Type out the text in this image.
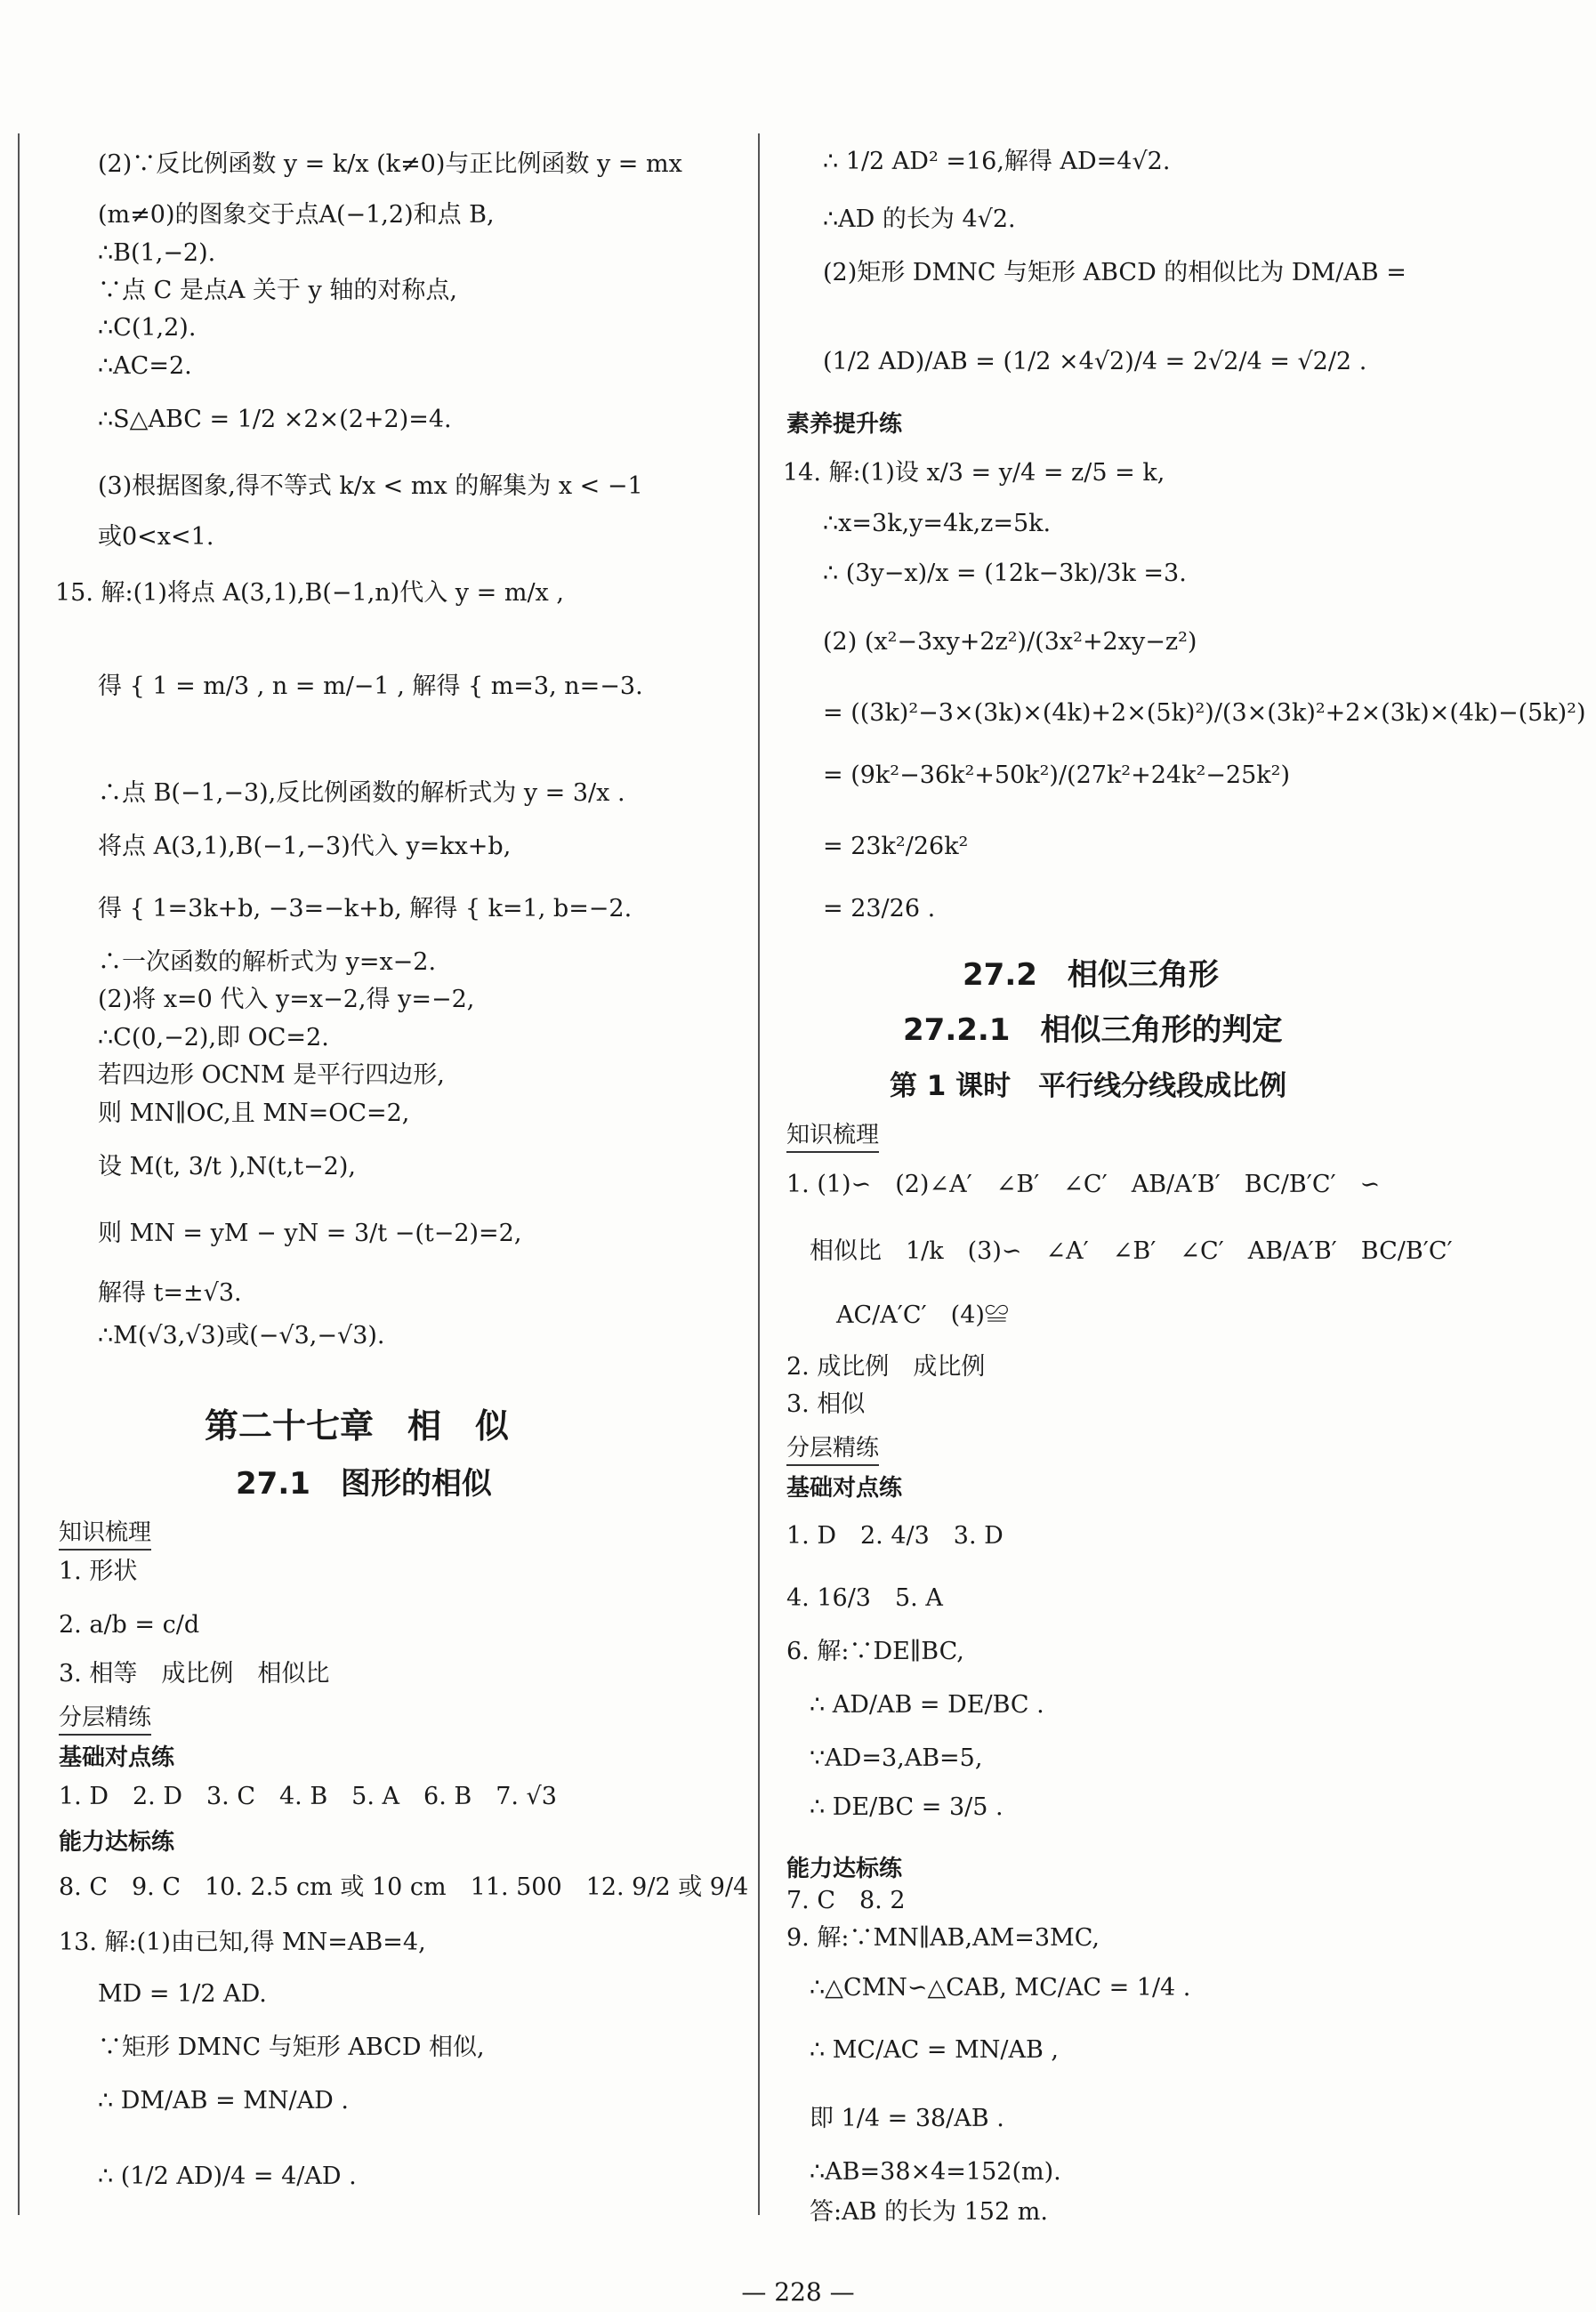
(2)∵反比例函数 y = k/x (k≠0)与正比例函数 y = mx
(m≠0)的图象交于点A(−1,2)和点 B,
∴B(1,−2).
∵点 C 是点A 关于 y 轴的对称点,
∴C(1,2).
∴AC=2.
∴S△ABC = 1/2 ×2×(2+2)=4.
(3)根据图象,得不等式 k/x < mx 的解集为 x < −1
或0<x<1.
15. 解:(1)将点 A(3,1),B(−1,n)代入 y = m/x ,
得 { 1 = m/3 , n = m/−1 , 解得 { m=3, n=−3.
∴点 B(−1,−3),反比例函数的解析式为 y = 3/x .
将点 A(3,1),B(−1,−3)代入 y=kx+b,
得 { 1=3k+b, −3=−k+b, 解得 { k=1, b=−2.
∴一次函数的解析式为 y=x−2.
(2)将 x=0 代入 y=x−2,得 y=−2,
∴C(0,−2),即 OC=2.
若四边形 OCNM 是平行四边形,
则 MN∥OC,且 MN=OC=2,
设 M(t, 3/t ),N(t,t−2),
则 MN = yM − yN = 3/t −(t−2)=2,
解得 t=±√3.
∴M(√3,√3)或(−√3,−√3).
第二十七章　相　似
27.1　图形的相似
知识梳理
1. 形状
2. a/b = c/d
3. 相等　成比例　相似比
分层精练
基础对点练
1. D　2. D　3. C　4. B　5. A　6. B　7. √3
能力达标练
8. C　9. C　10. 2.5 cm 或 10 cm　11. 500　12. 9/2 或 9/4
13. 解:(1)由已知,得 MN=AB=4,
MD = 1/2 AD.
∵矩形 DMNC 与矩形 ABCD 相似,
∴ DM/AB = MN/AD .
∴ (1/2 AD)/4 = 4/AD .
∴ 1/2 AD² =16,解得 AD=4√2.
∴AD 的长为 4√2.
(2)矩形 DMNC 与矩形 ABCD 的相似比为 DM/AB =
(1/2 AD)/AB = (1/2 ×4√2)/4 = 2√2/4 = √2/2 .
素养提升练
14. 解:(1)设 x/3 = y/4 = z/5 = k,
∴x=3k,y=4k,z=5k.
∴ (3y−x)/x = (12k−3k)/3k =3.
(2) (x²−3xy+2z²)/(3x²+2xy−z²)
= ((3k)²−3×(3k)×(4k)+2×(5k)²)/(3×(3k)²+2×(3k)×(4k)−(5k)²)
= (9k²−36k²+50k²)/(27k²+24k²−25k²)
= 23k²/26k²
= 23/26 .
27.2　相似三角形
27.2.1　相似三角形的判定
第 1 课时　平行线分线段成比例
知识梳理
1. (1)∽　(2)∠A′　∠B′　∠C′　AB/A′B′　BC/B′C′　∽
相似比　1/k　(3)∽　∠A′　∠B′　∠C′　AB/A′B′　BC/B′C′
AC/A′C′　(4)≌
2. 成比例　成比例
3. 相似
分层精练
基础对点练
1. D　2. 4/3　3. D
4. 16/3　5. A
6. 解:∵DE∥BC,
∴ AD/AB = DE/BC .
∵AD=3,AB=5,
∴ DE/BC = 3/5 .
能力达标练
7. C　8. 2
9. 解:∵MN∥AB,AM=3MC,
∴△CMN∽△CAB, MC/AC = 1/4 .
∴ MC/AC = MN/AB ,
即 1/4 = 38/AB .
∴AB=38×4=152(m).
答:AB 的长为 152 m.
— 228 —
